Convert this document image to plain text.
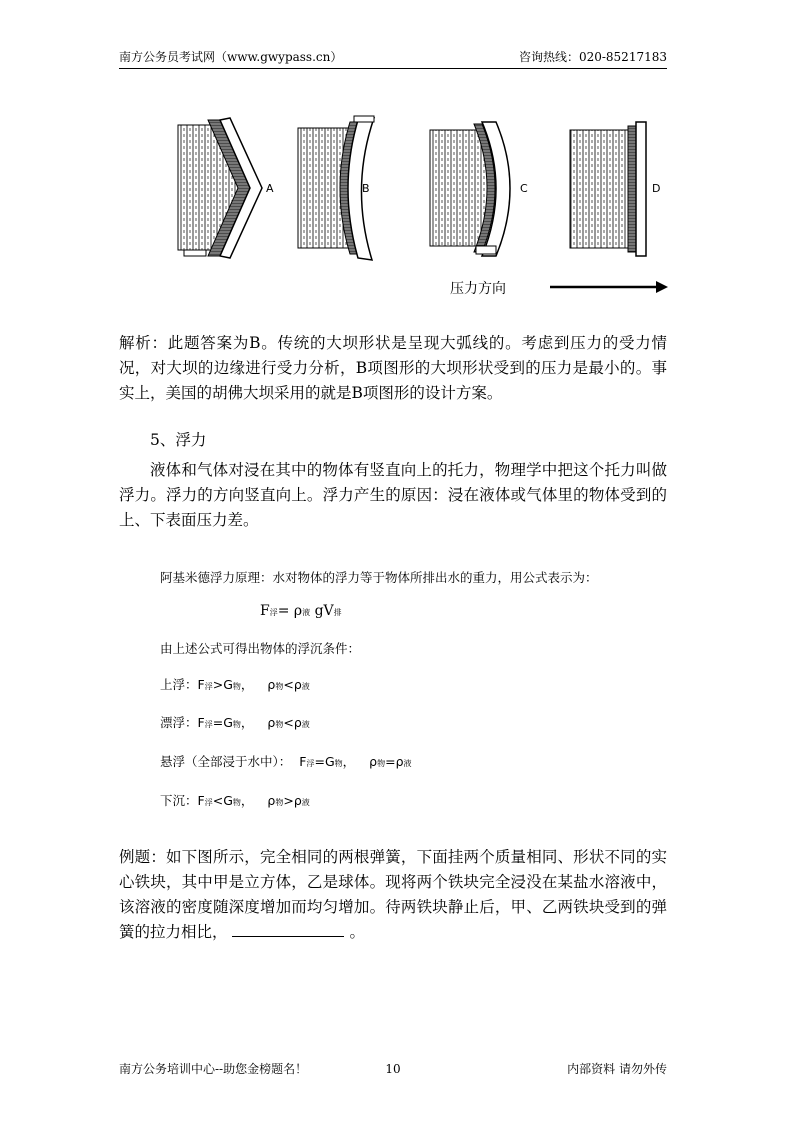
南方公务员考试网（www.gwypass.cn）	咨询热线：020-85217183
A	B	C	D
压力方向
解析：此题答案为B。传统的大坝形状是呈现大弧线的。考虑到压力的受力情况，对大坝的边缘进行受力分析，B项图形的大坝形状受到的压力是最小的。事实上，美国的胡佛大坝采用的就是B项图形的设计方案。
5、浮力
液体和气体对浸在其中的物体有竖直向上的托力，物理学中把这个托力叫做浮力。浮力的方向竖直向上。浮力产生的原因：浸在液体或气体里的物体受到的上、下表面压力差。
阿基米德浮力原理：水对物体的浮力等于物体所排出水的重力，用公式表示为：
F浮= ρ液 gV排
由上述公式可得出物体的浮沉条件：
上浮：F浮>G物， ρ物<ρ液
漂浮：F浮=G物， ρ物<ρ液
悬浮（全部浸于水中）： F浮=G物， ρ物=ρ液
下沉：F浮<G物， ρ物>ρ液
例题：如下图所示，完全相同的两根弹簧，下面挂两个质量相同、形状不同的实心铁块，其中甲是立方体，乙是球体。现将两个铁块完全浸没在某盐水溶液中，该溶液的密度随深度增加而均匀增加。待两铁块静止后，甲、乙两铁块受到的弹簧的拉力相比，	。
南方公务培训中心--助您金榜题名！	10	内部资料 请勿外传
